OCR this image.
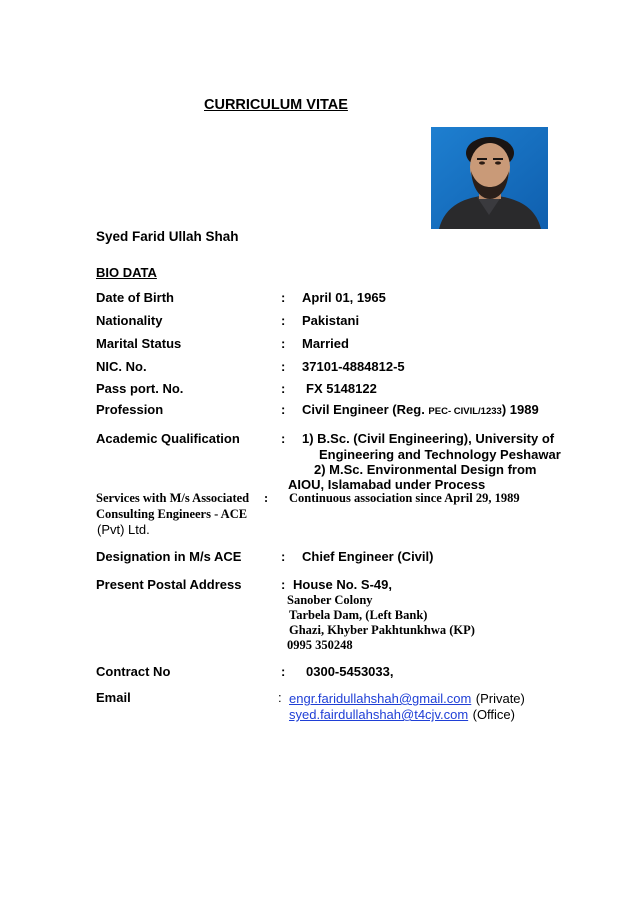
CURRICULUM VITAE
Syed Farid Ullah Shah
BIO DATA
Date of Birth	: April 01, 1965
Nationality	: Pakistani
Marital Status	: Married
NIC. No.	: 37101-4884812-5
Pass port. No.	: FX 5148122
Profession	: Civil Engineer (Reg. PEC- CIVIL/1233) 1989
Academic Qualification	: 1) B.Sc. (Civil Engineering), University of
Engineering and Technology Peshawar
2) M.Sc. Environmental Design from
AIOU, Islamabad under Process
Services with M/s Associated : Continuous association since April 29, 1989
Consulting Engineers - ACE
(Pvt) Ltd.
Designation in M/s ACE	: Chief Engineer (Civil)
Present Postal Address	: House No. S-49,
Sanober Colony
Tarbela Dam, (Left Bank)
Ghazi, Khyber Pakhtunkhwa (KP)
0995 350248
Contract No	: 0300-5453033,
Email	: engr.faridullahshah@gmail.com (Private)
syed.fairdullahshah@t4cjv.com (Office)
